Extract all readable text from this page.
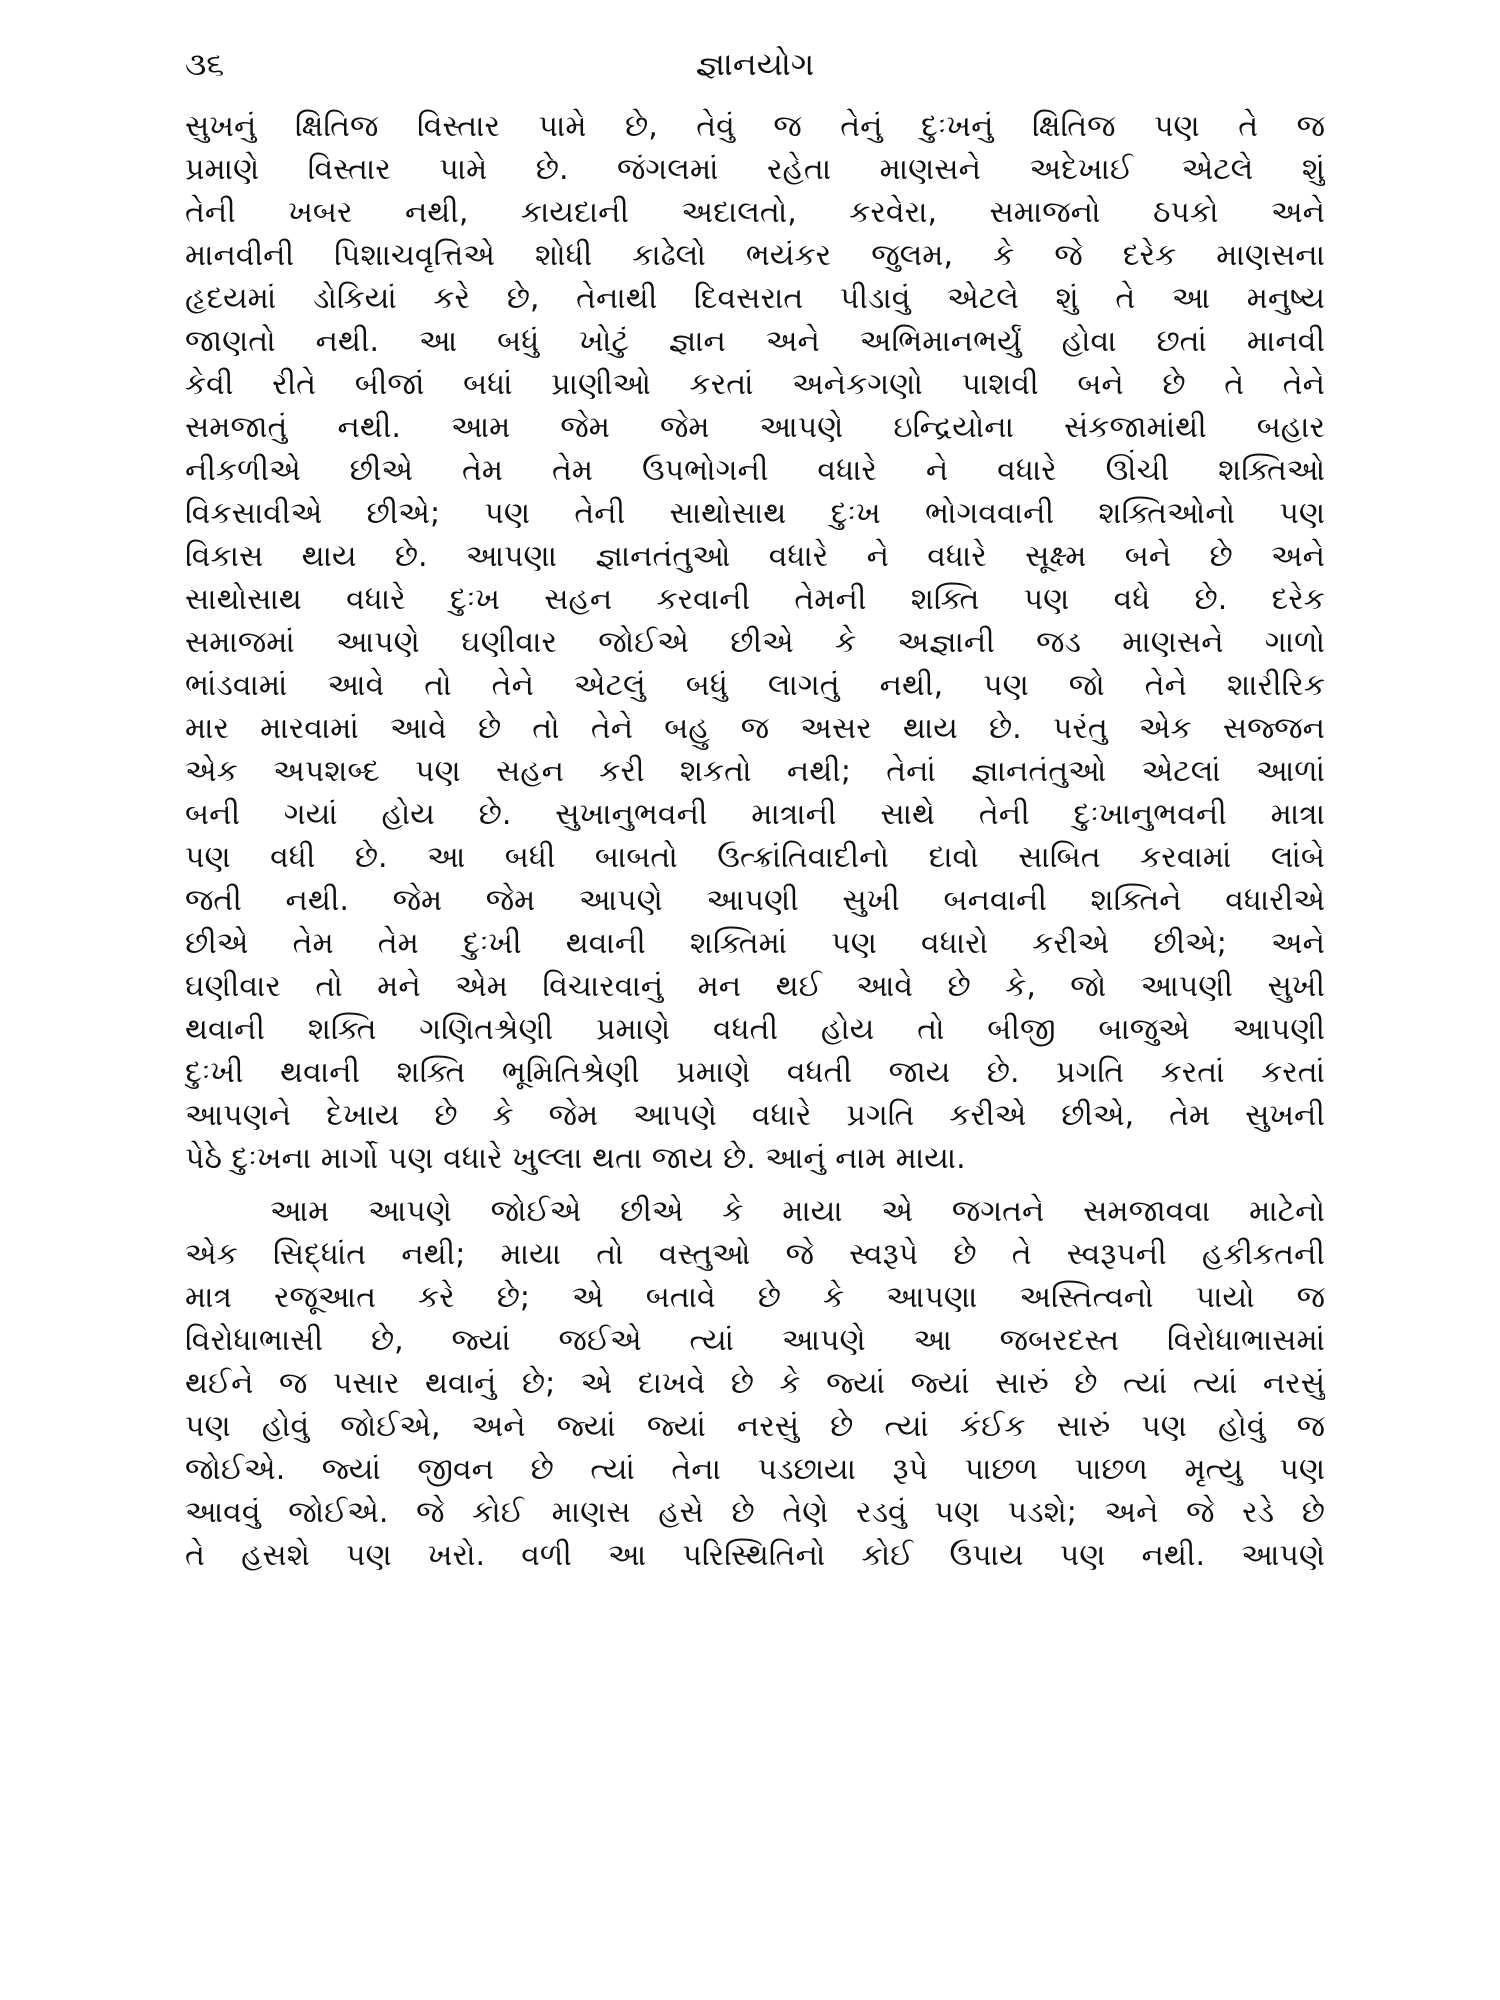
૩૬	જ્ઞાનયોગ
સુખનું ક્ષિતિજ વિસ્તાર પામે છે, તેવું જ તેનું દુઃખનું ક્ષિતિજ પણ તે જ
પ્રમાણે વિસ્તાર પામે છે. જંગલમાં રહેતા માણસને અદેખાઈ એટલે શું
તેની ખબર નથી, કાયદાની અદાલતો, કરવેરા, સમાજનો ઠપકો અને
માનવીની પિશાચવૃત્તિએ શોધી કાઢેલો ભયંકર જુલમ, કે જે દરેક માણસના
હૃદયમાં ડોકિયાં કરે છે, તેનાથી દિવસરાત પીડાવું એટલે શું તે આ મનુષ્ય
જાણતો નથી. આ બધું ખોટું જ્ઞાન અને અભિમાનભર્યું હોવા છતાં માનવી
કેવી રીતે બીજાં બધાં પ્રાણીઓ કરતાં અનેકગણો પાશવી બને છે તે તેને
સમજાતું નથી. આમ જેમ જેમ આપણે ઇન્દ્રિયોના સંકજામાંથી બહાર
નીકળીએ છીએ તેમ તેમ ઉપભોગની વધારે ને વધારે ઊંચી શક્તિઓ
વિકસાવીએ છીએ; પણ તેની સાથોસાથ દુઃખ ભોગવવાની શક્તિઓનો પણ
વિકાસ થાય છે. આપણા જ્ઞાનતંતુઓ વધારે ને વધારે સૂક્ષ્મ બને છે અને
સાથોસાથ વધારે દુઃખ સહન કરવાની તેમની શક્તિ પણ વધે છે. દરેક
સમાજમાં આપણે ઘણીવાર જોઈએ છીએ કે અજ્ઞાની જડ માણસને ગાળો
ભાંડવામાં આવે તો તેને એટલું બધું લાગતું નથી, પણ જો તેને શારીરિક
માર મારવામાં આવે છે તો તેને બહુ જ અસર થાય છે. પરંતુ એક સજ્જન
એક અપશબ્દ પણ સહન કરી શકતો નથી; તેનાં જ્ઞાનતંતુઓ એટલાં આળાં
બની ગયાં હોય છે. સુખાનુભવની માત્રાની સાથે તેની દુઃખાનુભવની માત્રા
પણ વધી છે. આ બધી બાબતો ઉત્ક્રાંતિવાદીનો દાવો સાબિત કરવામાં લાંબે
જતી નથી. જેમ જેમ આપણે આપણી સુખી બનવાની શક્તિને વધારીએ
છીએ તેમ તેમ દુઃખી થવાની શક્તિમાં પણ વધારો કરીએ છીએ; અને
ઘણીવાર તો મને એમ વિચારવાનું મન થઈ આવે છે કે, જો આપણી સુખી
થવાની શક્તિ ગણિતશ્રેણી પ્રમાણે વધતી હોય તો બીજી બાજુએ આપણી
દુઃખી થવાની શક્તિ ભૂમિતિશ્રેણી પ્રમાણે વધતી જાય છે. પ્રગતિ કરતાં કરતાં
આપણને દેખાય છે કે જેમ આપણે વધારે પ્રગતિ કરીએ છીએ, તેમ સુખની
પેઠે દુઃખના માર્ગો પણ વધારે ખુલ્લા થતા જાય છે. આનું નામ માયા.
આમ આપણે જોઈએ છીએ કે માયા એ જગતને સમજાવવા માટેનો
એક સિદ્ધાંત નથી; માયા તો વસ્તુઓ જે સ્વરૂપે છે તે સ્વરૂપની હકીકતની
માત્ર રજૂઆત કરે છે; એ બતાવે છે કે આપણા અસ્તિત્વનો પાયો જ
વિરોધાભાસી છે, જ્યાં જઈએ ત્યાં આપણે આ જબરદસ્ત વિરોધાભાસમાં
થઈને જ પસાર થવાનું છે; એ દાખવે છે કે જ્યાં જ્યાં સારું છે ત્યાં ત્યાં નરસું
પણ હોવું જોઈએ, અને જ્યાં જ્યાં નરસું છે ત્યાં કંઈક સારું પણ હોવું જ
જોઈએ. જ્યાં જીવન છે ત્યાં તેના પડછાયા રૂપે પાછળ પાછળ મૃત્યુ પણ
આવવું જોઈએ. જે કોઈ માણસ હસે છે તેણે રડવું પણ પડશે; અને જે રડે છે
તે હસશે પણ ખરો. વળી આ પરિસ્થિતિનો કોઈ ઉપાય પણ નથી. આપણે
